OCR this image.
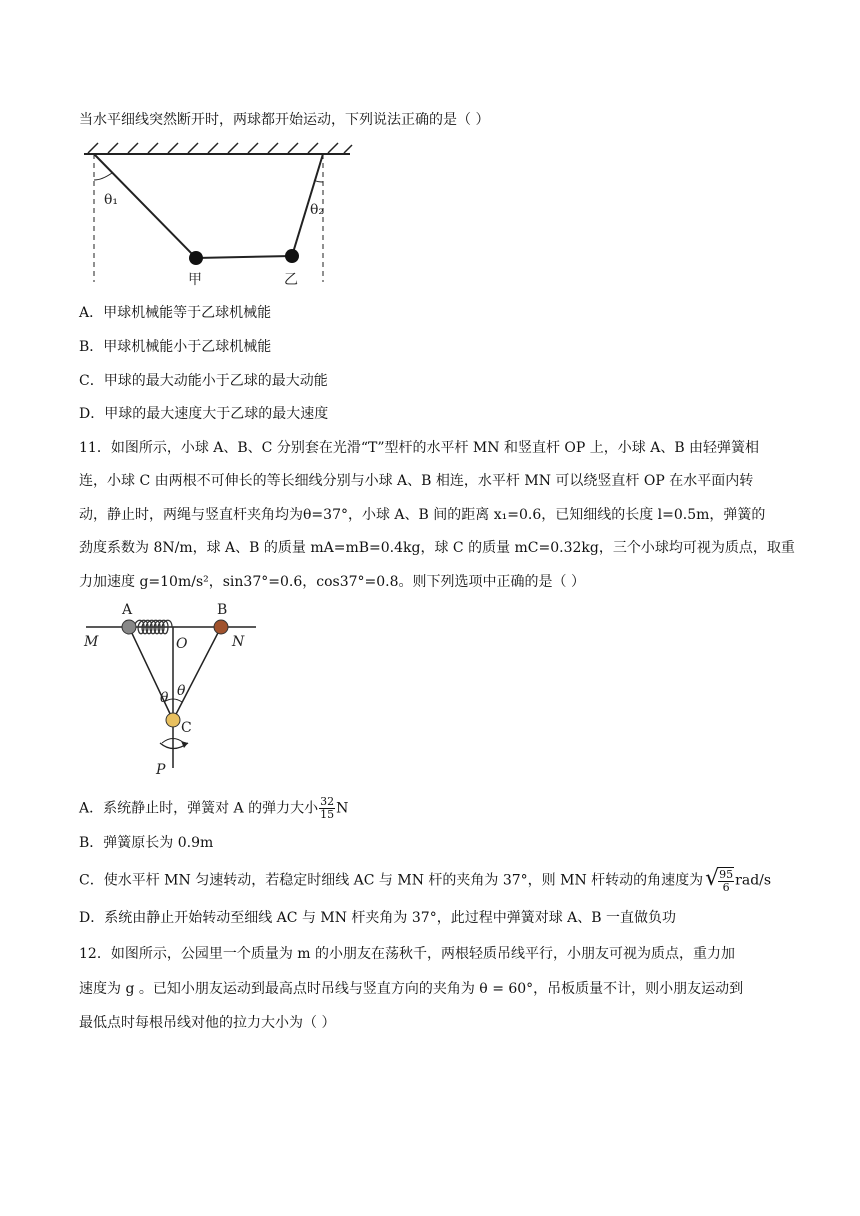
当水平细线突然断开时，两球都开始运动，下列说法正确的是（ ）
θ₁
θ₂
甲	乙
A．甲球机械能等于乙球机械能
B．甲球机械能小于乙球机械能
C．甲球的最大动能小于乙球的最大动能
D．甲球的最大速度大于乙球的最大速度
11．如图所示，小球 A、B、C 分别套在光滑“T”型杆的水平杆 MN 和竖直杆 OP 上，小球 A、B 由轻弹簧相
连，小球 C 由两根不可伸长的等长细线分别与小球 A、B 相连，水平杆 MN 可以绕竖直杆 OP 在水平面内转
动，静止时，两绳与竖直杆夹角均为θ=37°，小球 A、B 间的距离 x₁=0.6，已知细线的长度 l=0.5m，弹簧的
劲度系数为 8N/m，球 A、B 的质量 mA=mB=0.4kg，球 C 的质量 mC=0.32kg，三个小球均可视为质点，取重
力加速度 g=10m/s²，sin37°=0.6，cos37°=0.8。则下列选项中正确的是（ ）
A	B
M	N
O
θ θ
C
P
A．系统静止时，弹簧对 A 的弹力大小 $\frac{32}{15}$ N
B．弹簧原长为 0.9m
C．使水平杆 MN 匀速转动，若稳定时细线 AC 与 MN 杆的夹角为 37°，则 MN 杆转动的角速度为 √
$\frac{95}{6} rad/s$
D．系统由静止开始转动至细线 AC 与 MN 杆夹角为 37°，此过程中弹簧对球 A、B 一直做负功
12．如图所示，公园里一个质量为 m 的小朋友在荡秋千，两根轻质吊线平行，小朋友可视为质点，重力加
速度为 g 。已知小朋友运动到最高点时吊线与竖直方向的夹角为 θ = 60°，吊板质量不计，则小朋友运动到
最低点时每根吊线对他的拉力大小为（ ）
